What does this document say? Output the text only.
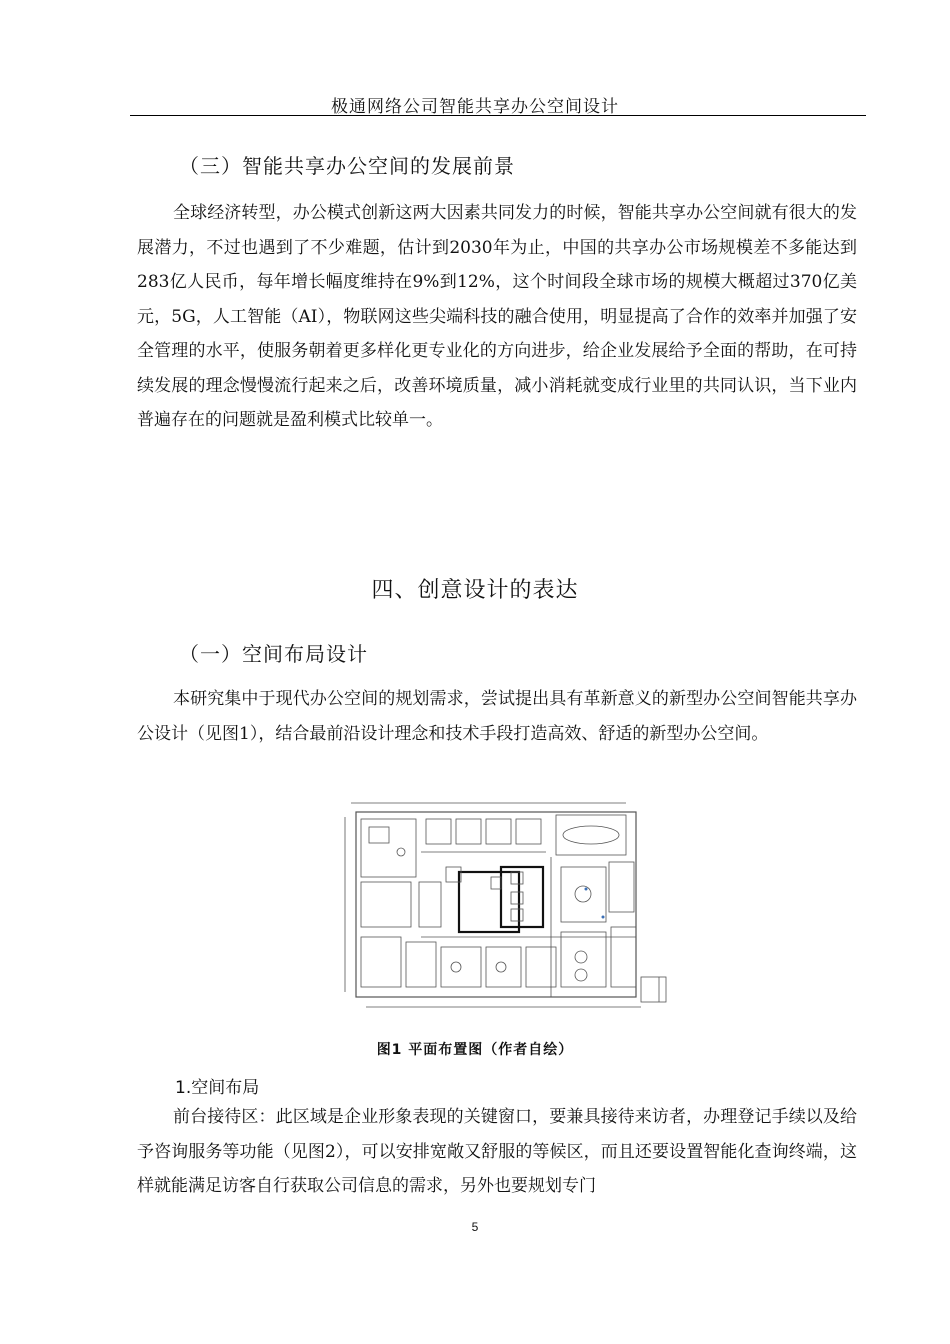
极通网络公司智能共享办公空间设计
（三）智能共享办公空间的发展前景

全球经济转型，办公模式创新这两大因素共同发力的时候，智能共享办公空间就有很大的发展潜力，不过也遇到了不少难题，估计到2030年为止，中国的共享办公市场规模差不多能达到283亿人民币，每年增长幅度维持在9%到12%，这个时间段全球市场的规模大概超过370亿美元，5G，人工智能（AI），物联网这些尖端科技的融合使用，明显提高了合作的效率并加强了安全管理的水平，使服务朝着更多样化更专业化的方向进步，给企业发展给予全面的帮助，在可持续发展的理念慢慢流行起来之后，改善环境质量，减小消耗就变成行业里的共同认识，当下业内普遍存在的问题就是盈利模式比较单一。

四、创意设计的表达
（一）空间布局设计

本研究集中于现代办公空间的规划需求，尝试提出具有革新意义的新型办公空间智能共享办公设计（见图1），结合最前沿设计理念和技术手段打造高效、舒适的新型办公空间。

图1 平面布置图（作者自绘）
1.空间布局

前台接待区：此区域是企业形象表现的关键窗口，要兼具接待来访者，办理登记手续以及给予咨询服务等功能（见图2），可以安排宽敞又舒服的等候区，而且还要设置智能化查询终端，这样就能满足访客自行获取公司信息的需求，另外也要规划专门

5
